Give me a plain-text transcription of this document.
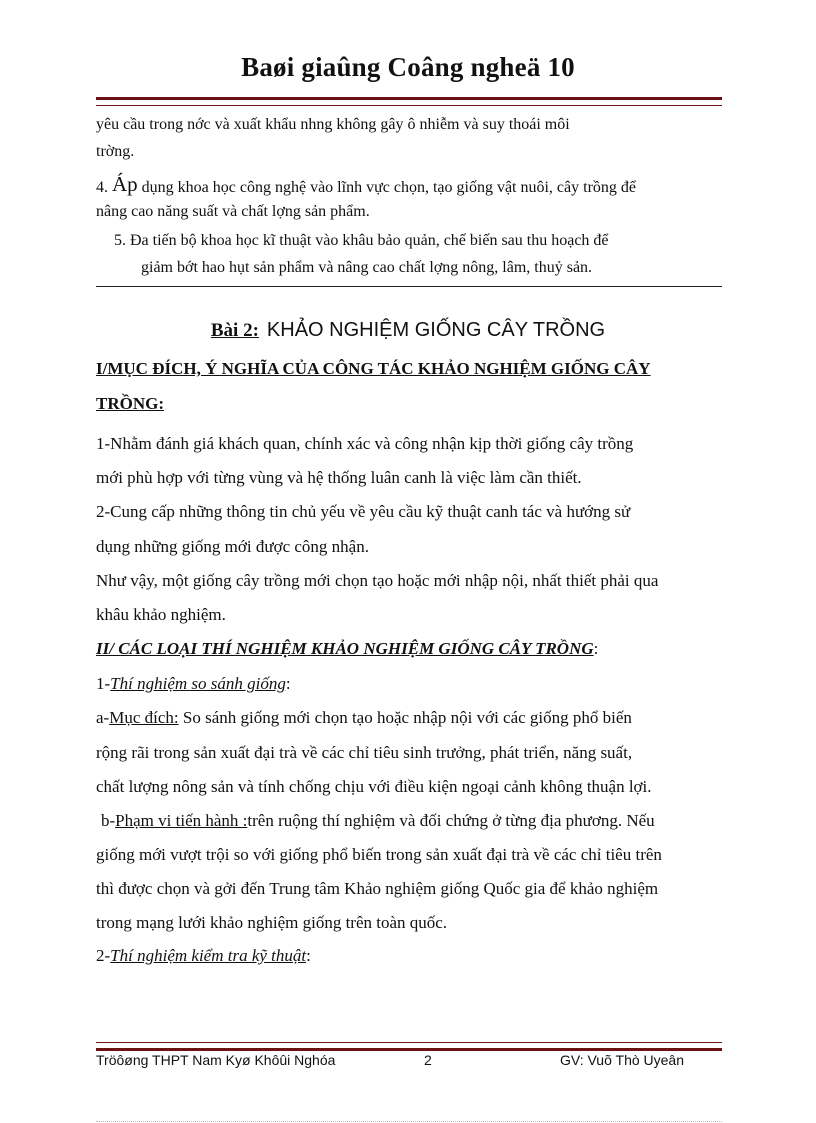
Baøi giaûng Coâng ngheä 10
yêu cầu trong nớc và xuất khẩu nhng không gây ô nhiễm và suy thoái môi
trờng.
4. Áp dụng khoa học công nghệ vào lĩnh vực chọn, tạo giống vật nuôi, cây trồng để
nâng cao năng suất và chất lợng sản phẩm.
5. Đa tiến bộ khoa học kĩ thuật vào khâu bảo quản, chế biến sau thu hoạch để
giảm bớt hao hụt sản phẩm và nâng cao chất lợng nông, lâm, thuỷ sản.
Bài 2: KHẢO NGHIỆM GIỐNG CÂY TRỒNG
I/MỤC ĐÍCH, Ý NGHĨA CỦA CÔNG TÁC KHẢO NGHIỆM GIỐNG CÂY
TRỒNG:
1-Nhằm đánh giá khách quan, chính xác và công nhận kịp thời giống cây trồng
mới phù hợp với từng vùng và hệ thống luân canh là việc làm cần thiết.
2-Cung cấp những thông tin chủ yếu về yêu cầu kỹ thuật canh tác và hướng sử
dụng những giống mới được công nhận.
Như vậy, một giống cây trồng mới chọn tạo hoặc mới nhập nội, nhất thiết phải qua
khâu khảo nghiệm.
II/ CÁC LOẠI THÍ NGHIỆM KHẢO NGHIỆM GIỐNG CÂY TRỒNG:
1-Thí nghiệm so sánh giống:
a-Mục đích: So sánh giống mới chọn tạo hoặc nhập nội với các giống phổ biến
rộng rãi trong sản xuất đại trà về các chỉ tiêu sinh trưởng, phát triển, năng suất,
chất lượng nông sản và tính chống chịu với điều kiện ngoại cảnh không thuận lợi.
b-Phạm vi tiến hành :trên ruộng thí nghiệm và đối chứng ở từng địa phương. Nếu
giống mới vượt trội so với giống phổ biến trong sản xuất đại trà về các chỉ tiêu trên
thì được chọn và gởi đến Trung tâm Khảo nghiệm giống Quốc gia để khảo nghiệm
trong mạng lưới khảo nghiệm giống trên toàn quốc.
2-Thí nghiệm kiểm tra kỹ thuật:
Tröôøng THPT Nam Kyø Khôûi Nghóa	2	GV: Vuõ Thò Uyeân
